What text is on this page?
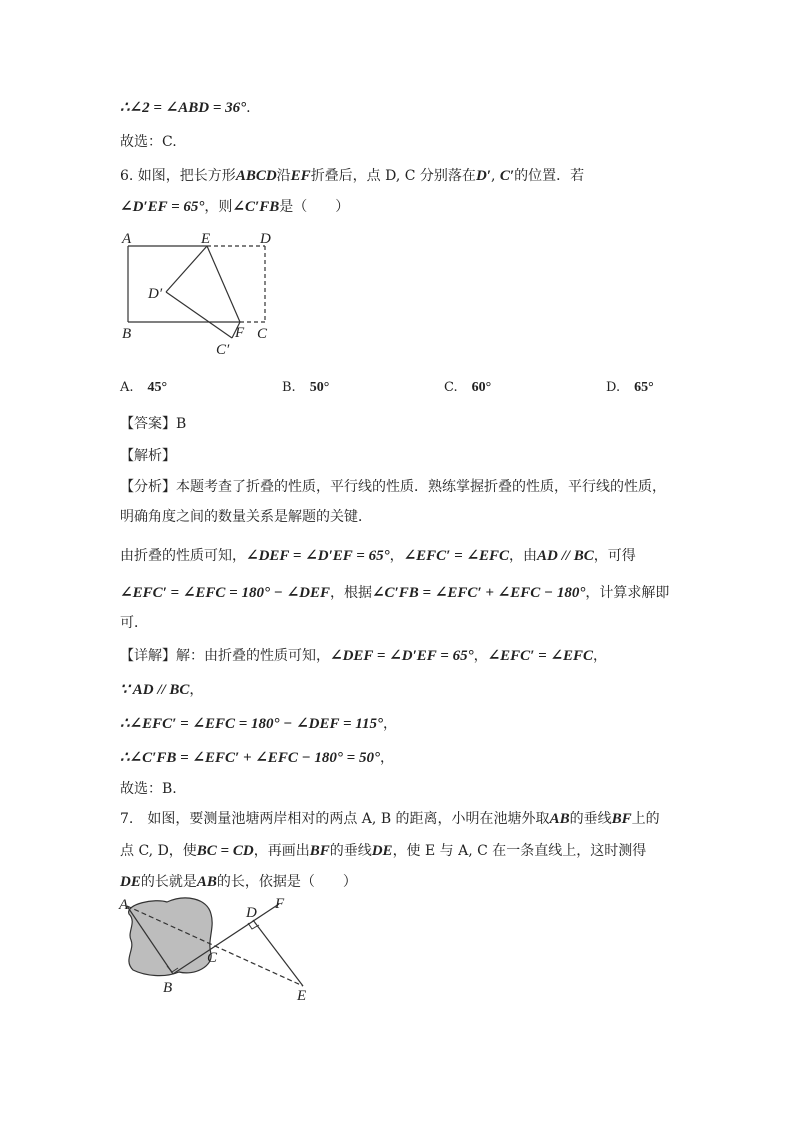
∴∠2 = ∠ABD = 36°.
故选：C.
6. 如图，把长方形ABCD沿EF折叠后，点 D, C 分别落在D′, C′的位置．若
∠D′EF = 65°，则∠C′FB是（　　）
A	E	D
D′
B	F C
C′
A. 45°	B. 50°	C. 60°	D. 65°
【答案】B
【解析】
【分析】本题考查了折叠的性质，平行线的性质．熟练掌握折叠的性质，平行线的性质，
明确角度之间的数量关系是解题的关键．
由折叠的性质可知，∠DEF = ∠D′EF = 65°，∠EFC′ = ∠EFC，由AD // BC，可得
∠EFC′ = ∠EFC = 180° − ∠DEF，根据∠C′FB = ∠EFC′ + ∠EFC − 180°，计算求解即
可．
【详解】解：由折叠的性质可知，∠DEF = ∠D′EF = 65°，∠EFC′ = ∠EFC，
∵ AD // BC，
∴∠EFC′ = ∠EFC = 180° − ∠DEF = 115°，
∴∠C′FB = ∠EFC′ + ∠EFC − 180° = 50°，
故选：B.
7.　如图，要测量池塘两岸相对的两点 A, B 的距离，小明在池塘外取AB的垂线BF上的
点 C, D，使BC = CD，再画出BF的垂线DE，使 E 与 A, C 在一条直线上，这时测得
DE的长就是AB的长，依据是（　　）
A
B
C
D
E
F
